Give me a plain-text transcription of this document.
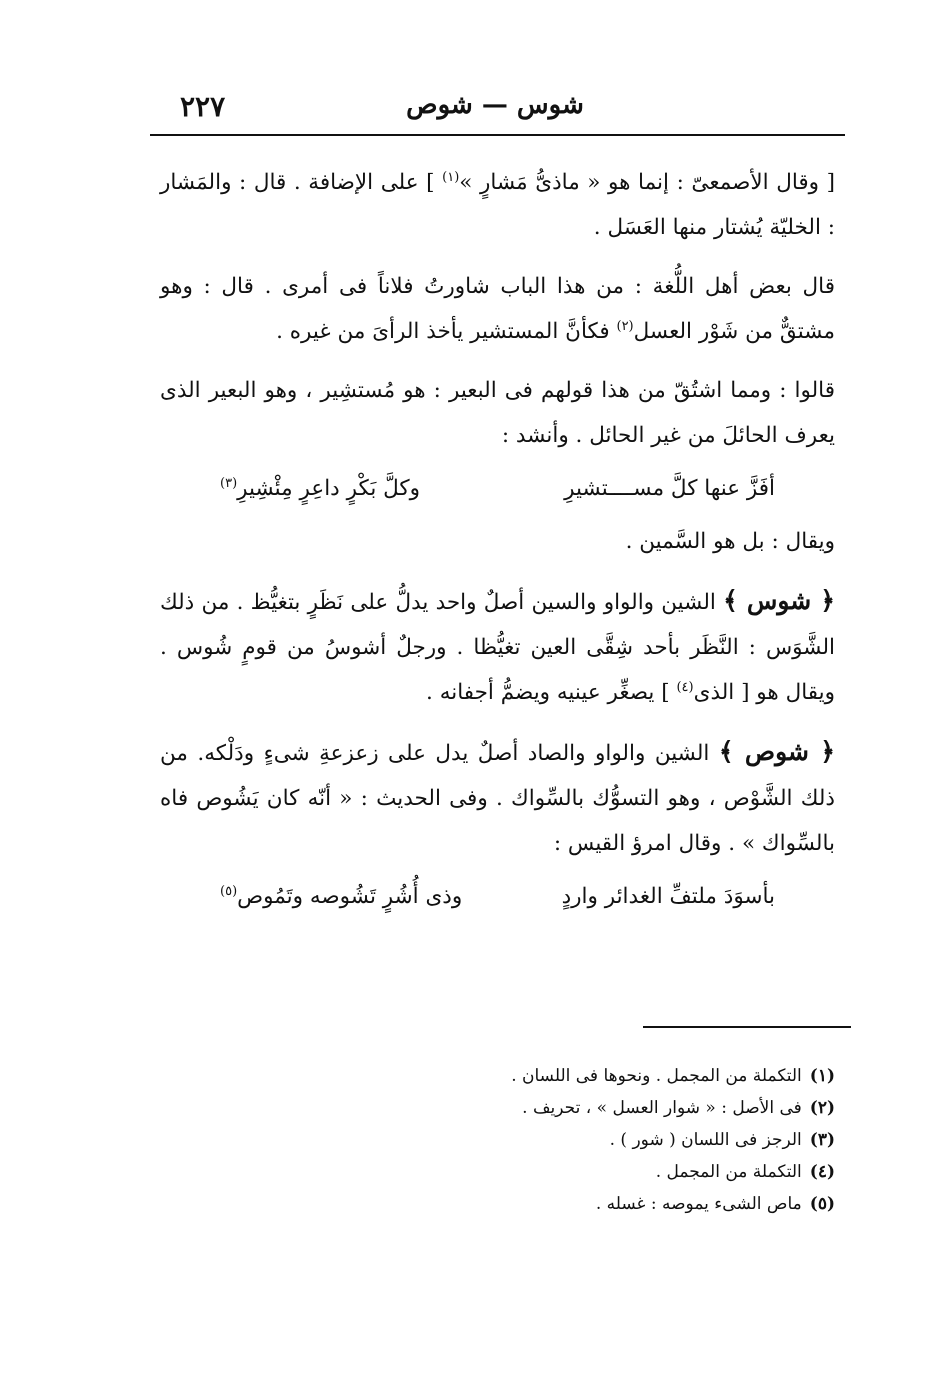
٢٢٧	شوس — شوص

[ وقال الأصمعىّ : إنما هو « ماذىُّ مَشارٍ »$^{(١)}$ ] على الإضافة . قال : والمَشار : الخليّة يُشتار منها العَسَل .

قال بعض أهل اللُّغة : من هذا الباب شاورتُ فلاناً فى أمرى . قال : وهو مشتقٌّ من شَوْر العسل$^{(٢)}$ فكأنَّ المستشير يأخذ الرأىَ من غيره .

قالوا : ومما اشتُقّ من هذا قولهم فى البعير : هو مُستشِير ، وهو البعير الذى يعرف الحائلَ من غير الحائل . وأنشد :

أفَزَّ عنها كلَّ مســــتشيرِ
وكلَّ بَكْرٍ داعِرٍ مِئْشِيرِ$^{(٣)}$

ويقال : بل هو السَّمين .

﴿ شوس ﴾ الشين والواو والسين أصلٌ واحد يدلُّ على نَظَرٍ بتغيُّظ . من ذلك الشَّوَس : النَّظَر بأحد شِقَّى العين تغيُّظا . ورجلٌ أشوسُ من قومٍ شُوس . ويقال هو [ الذى$^{(٤)}$ ] يصغِّر عينيه ويضمُّ أجفانه .

﴿ شوص ﴾ الشين والواو والصاد أصلٌ يدل على زعزعةِ شىءٍ ودَلْكه. من ذلك الشَّوْص ، وهو التسوُّك بالسِّواك . وفى الحديث : « أنّه كان يَشُوص فاه بالسِّواك » . وقال امرؤ القيس :

بأسوَدَ ملتفِّ الغدائر واردٍ
وذى أُشُرٍ تَشُوصه وتَمُوص$^{(٥)}$

(١)التكملة من المجمل . ونحوها فى اللسان .

(٢)فى الأصل : « شوار العسل » ، تحريف .

(٣)الرجز فى اللسان ( شور ) .

(٤)التكملة من المجمل .

(٥)ماص الشىء يموصه : غسله .
